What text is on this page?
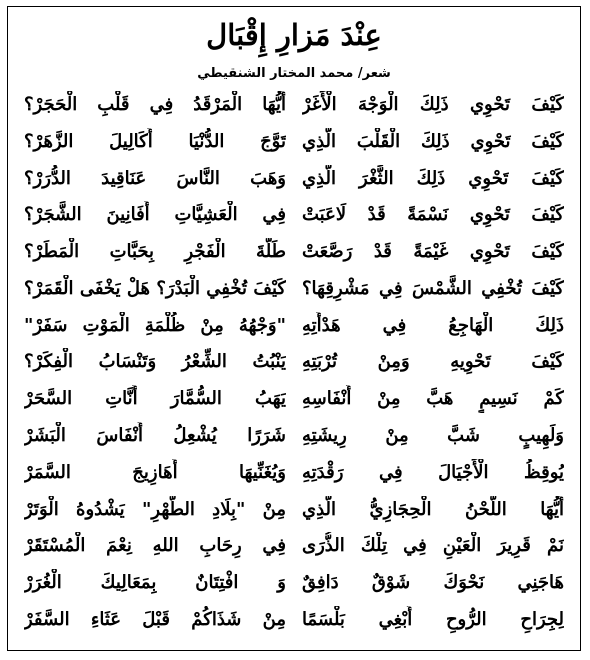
عِنْدَ مَزارِ إِقْبَال
شعر/ محمد المختار الشنقيطي
كَيْفَ تَحْوِي ذَلِكَ الْوَجْهَ الْأَغَرْ
أَيُّهَا الْمَرْقَدُ فِي قَلْبِ الْحَجَرْ؟
كَيْفَ تَحْوِي ذَلِكَ الْقَلْبَ الَّذِي
تَوَّجَ الدُّنْيَا أَكَالِيلَ الزَّهَرْ؟
كَيْفَ تَحْوِي ذَلِكَ الثَّغْرَ الَّذِي
وَهَبَ النَّاسَ عَنَاقِيدَ الدُّرَرْ؟
كَيْفَ تَحْوِي نَسْمَةً قَدْ لَاعَبَتْ
فِي الْعَشِيَّاتِ أَفَانِينَ الشَّجَرْ؟
كَيْفَ تَحْوِي غَيْمَةً قَدْ رَصَّعَتْ
طَلَّةَ الْفَجْرِ بِحَبَّاتِ الْمَطَرْ؟
كَيْفَ تُخْفِي الشَّمْسَ فِي مَشْرِقِهَا؟
كَيْفَ تُخْفِي الْبَدْرَ؟ هَلْ يَخْفَى الْقَمَرْ؟
ذَلِكَ الْهَاجِعُ فِي هَدْأَتِهِ
"وَجْهُهُ مِنْ ظُلْمَةِ الْمَوْتِ سَفَرْ"
كَيْفَ تَحْوِيهِ وَمِنْ تُرْبَتِهِ
يَنْبُتُ الشِّعْرُ وَتَنْسَابُ الْفِكَرْ؟
كَمْ نَسِيمٍ هَبَّ مِنْ أَنْفَاسِهِ
يَهَبُ السُّمَّارَ أَنَّاتِ السَّحَرْ
وَلَهِيبٍ شَبَّ مِنْ رِيشَتِهِ
شَرَرًا يُشْعِلُ أَنْفَاسَ الْبَشَرْ
يُوقِظُ الْأَجْيَالَ فِي رَقْدَتِهِ
وَيُغَنِّيهَا أَهَازِيجَ السَّمَرْ
أَيُّهَا اللَّحْنُ الْحِجَازِيُّ الَّذِي
مِنْ "بِلَادِ الطُّهْرِ" يَشْدُوهُ الْوَتَرْ
نَمْ قَرِيرَ الْعَيْنِ فِي تِلْكَ الذُّرَى
فِي رِحَابِ اللهِ نِعْمَ الْمُسْتَقَرْ
هَاجَنِي نَحْوَكَ شَوْقٌ دَافِقٌ
وَ افْتِتَانٌ بِمَعَالِيكَ الْغُرَرْ
لِجِرَاحِ الرُّوحِ أَبْغِي بَلْسَمًا
مِنْ شَذَاكُمْ قَبْلَ عَثَاءِ السَّفَرْ
